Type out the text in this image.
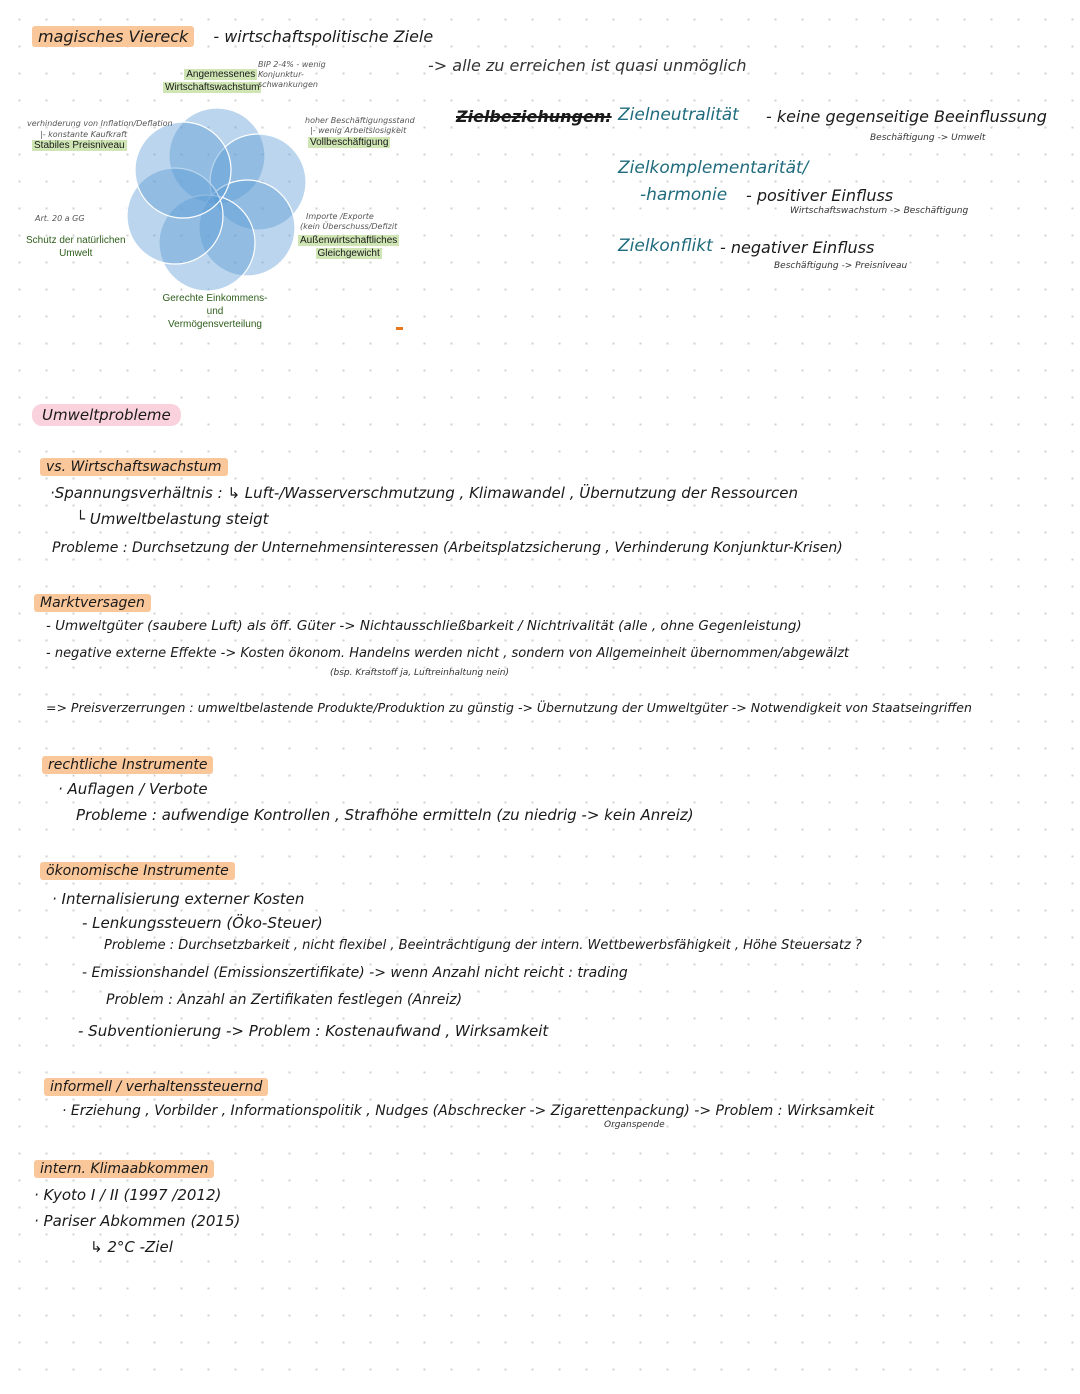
magisches Viereck - wirtschaftspolitische Ziele
-> alle zu erreichen ist quasi unmöglich
Angemessenes
Wirtschaftswachstum
BIP 2-4% - wenig Konjunktur-schwankungen
verhinderung von Inflation/Deflation
|- konstante Kaufkraft
Stabiles Preisniveau
hoher Beschäftigungsstand
|- wenig Arbeitslosigkeit
Vollbeschäftigung
Art. 20 a GG
Schutz der natürlichen
Umwelt
Importe /Exporte
(kein Überschuss/Defizit
Außenwirtschaftliches
Gleichgewicht
Gerechte Einkommens-
und
Vermögensverteilung
Zielbeziehungen: Zielneutralität - keine gegenseitige Beeinflussung
Beschäftigung -> Umwelt
Zielkomplementarität/
-harmonie - positiver Einfluss
Wirtschaftswachstum -> Beschäftigung
Zielkonflikt - negativer Einfluss
Beschäftigung -> Preisniveau
Umweltprobleme
vs. Wirtschaftswachstum
·Spannungsverhältnis : ↳ Luft-/Wasserverschmutzung , Klimawandel , Übernutzung der Ressourcen
└ Umweltbelastung steigt
Probleme : Durchsetzung der Unternehmensinteressen (Arbeitsplatzsicherung , Verhinderung Konjunktur-Krisen)
Marktversagen
- Umweltgüter (saubere Luft) als öff. Güter -> Nichtausschließbarkeit / Nichtrivalität (alle , ohne Gegenleistung)
- negative externe Effekte -> Kosten ökonom. Handelns werden nicht , sondern von Allgemeinheit übernommen/abgewälzt
(bsp. Kraftstoff ja, Luftreinhaltung nein)
=> Preisverzerrungen : umweltbelastende Produkte/Produktion zu günstig -> Übernutzung der Umweltgüter -> Notwendigkeit von Staatseingriffen
rechtliche Instrumente
· Auflagen / Verbote
Probleme : aufwendige Kontrollen , Strafhöhe ermitteln (zu niedrig -> kein Anreiz)
ökonomische Instrumente
· Internalisierung externer Kosten
- Lenkungssteuern (Öko-Steuer)
Probleme : Durchsetzbarkeit , nicht flexibel , Beeinträchtigung der intern. Wettbewerbsfähigkeit , Höhe Steuersatz ?
- Emissionshandel (Emissionszertifikate) -> wenn Anzahl nicht reicht : trading
Problem : Anzahl an Zertifikaten festlegen (Anreiz)
- Subventionierung -> Problem : Kostenaufwand , Wirksamkeit
informell / verhaltenssteuernd
· Erziehung , Vorbilder , Informationspolitik , Nudges (Abschrecker -> Zigarettenpackung) -> Problem : Wirksamkeit
Organspende
intern. Klimaabkommen
· Kyoto I / II (1997 /2012)
· Pariser Abkommen (2015)
↳ 2°C -Ziel
